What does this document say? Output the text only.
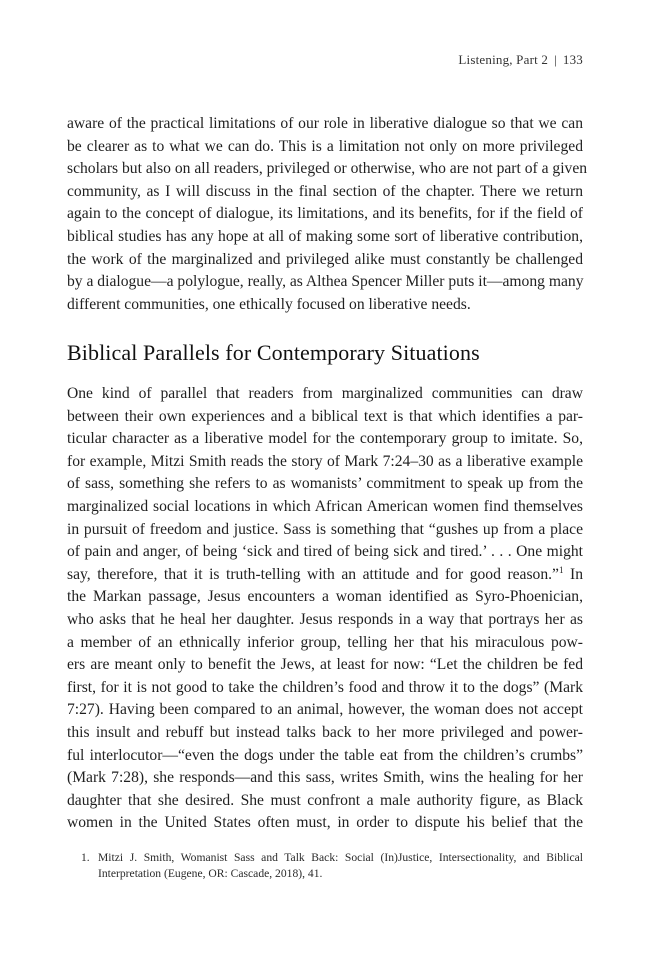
Listening, Part 2 | 133
aware of the practical limitations of our role in liberative dialogue so that we can
be clearer as to what we can do. This is a limitation not only on more privileged
scholars but also on all readers, privileged or otherwise, who are not part of a given
community, as I will discuss in the final section of the chapter. There we return
again to the concept of dialogue, its limitations, and its benefits, for if the field of
biblical studies has any hope at all of making some sort of liberative contribution,
the work of the marginalized and privileged alike must constantly be challenged
by a dialogue—a polylogue, really, as Althea Spencer Miller puts it—among many
different communities, one ethically focused on liberative needs.
Biblical Parallels for Contemporary Situations
One kind of parallel that readers from marginalized communities can draw
between their own experiences and a biblical text is that which identifies a par-
ticular character as a liberative model for the contemporary group to imitate. So,
for example, Mitzi Smith reads the story of Mark 7:24–30 as a liberative example
of sass, something she refers to as womanists’ commitment to speak up from the
marginalized social locations in which African American women find themselves
in pursuit of freedom and justice. Sass is something that “gushes up from a place
of pain and anger, of being ‘sick and tired of being sick and tired.’ . . . One might
say, therefore, that it is truth-telling with an attitude and for good reason.”$^1$ In
the Markan passage, Jesus encounters a woman identified as Syro-Phoenician,
who asks that he heal her daughter. Jesus responds in a way that portrays her as
a member of an ethnically inferior group, telling her that his miraculous pow-
ers are meant only to benefit the Jews, at least for now: “Let the children be fed
first, for it is not good to take the children’s food and throw it to the dogs” (Mark
7:27). Having been compared to an animal, however, the woman does not accept
this insult and rebuff but instead talks back to her more privileged and power-
ful interlocutor—“even the dogs under the table eat from the children’s crumbs”
(Mark 7:28), she responds—and this sass, writes Smith, wins the healing for her
daughter that she desired. She must confront a male authority figure, as Black
women in the United States often must, in order to dispute his belief that the
1. Mitzi J. Smith, Womanist Sass and Talk Back: Social (In)Justice, Intersectionality, and Biblical
Interpretation (Eugene, OR: Cascade, 2018), 41.
